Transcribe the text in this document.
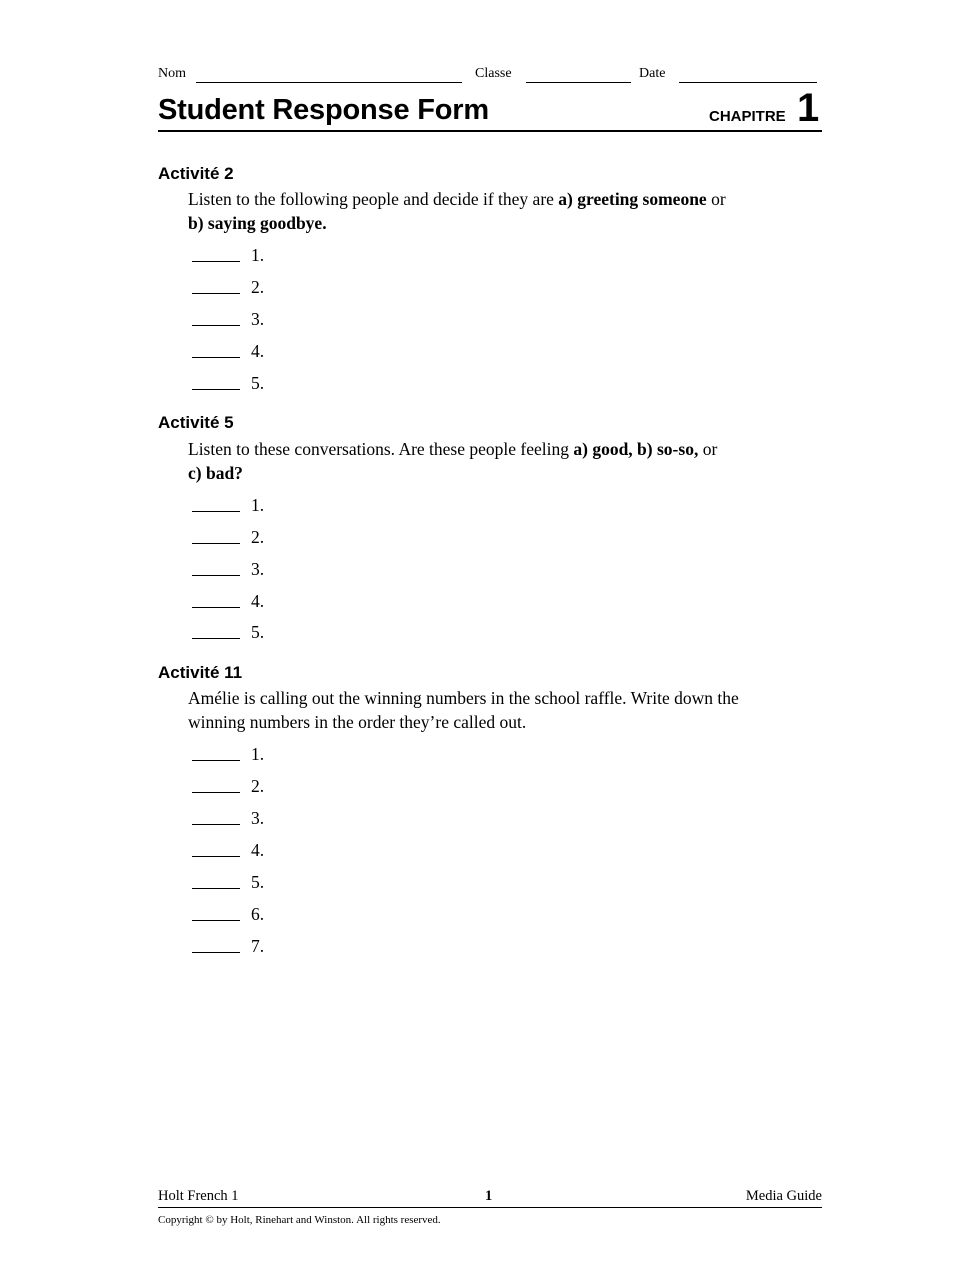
Nom	Classe	Date
Student Response Form	CHAPITRE 1
Activité 2
Listen to the following people and decide if they are a) greeting someone or
b) saying goodbye.
1.
2.
3.
4.
5.
Activité 5
Listen to these conversations. Are these people feeling a) good, b) so-so, or
c) bad?
1.
2.
3.
4.
5.
Activité 11
Amélie is calling out the winning numbers in the school raffle. Write down the
winning numbers in the order they’re called out.
1.
2.
3.
4.
5.
6.
7.
Holt French 1	1	Media Guide
Copyright © by Holt, Rinehart and Winston. All rights reserved.
